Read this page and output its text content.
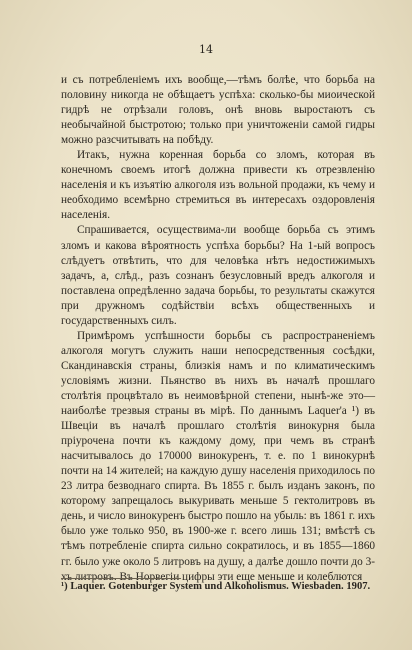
14

и съ потребленіемъ ихъ вообще,—тѣмъ болѣе, что борьба на половину никогда не обѣщаетъ успѣха: сколько-бы миоической гидрѣ не отрѣзали головъ, онѣ вновь выростаютъ съ необычайной быстротою; только при уничтоженіи самой гидры можно разсчитывать на побѣду.

Итакъ, нужна коренная борьба со зломъ, которая въ конечномъ своемъ итогѣ должна привести къ отрезвленію населенія и къ изъятію алкоголя изъ вольной продажи, къ чему и необходимо всемѣрно стремиться въ интересахъ оздоровленія населенія.

Спрашивается, осуществима-ли вообще борьба съ этимъ зломъ и какова вѣроятность успѣха борьбы? На 1-ый вопросъ слѣдуетъ отвѣтить, что для человѣка нѣтъ недостижимыхъ задачъ, а, слѣд., разъ сознанъ безусловный вредъ алкоголя и поставлена опредѣленно задача борьбы, то результаты скажутся при дружномъ содѣйствіи всѣхъ общественныхъ и государственныхъ силъ.

Примѣромъ успѣшности борьбы съ распространеніемъ алкоголя могутъ служить наши непосредственныя сосѣдки, Скандинавскія страны, близкія намъ и по климатическимъ условіямъ жизни. Пьянство въ нихъ въ началѣ прошлаго столѣтія процвѣтало въ неимовѣрной степени, нынѣ-же это—наиболѣе трезвыя страны въ мірѣ. По даннымъ Laquer'а ¹) въ Швеціи въ началѣ прошлаго столѣтія винокурня была пріурочена почти къ каждому дому, при чемъ въ странѣ насчитывалось до 170000 винокуренъ, т. е. по 1 винокурнѣ почти на 14 жителей; на каждую душу населенія приходилось по 23 литра безводнаго спирта. Въ 1855 г. былъ изданъ законъ, по которому запрещалось выкуривать меньше 5 гектолитровъ въ день, и число винокуренъ быстро пошло на убыль: въ 1861 г. ихъ было уже только 950, въ 1900-же г. всего лишь 131; вмѣстѣ съ тѣмъ потребленіе спирта сильно сократилось, и въ 1855—1860 гг. было уже около 5 литровъ на душу, а далѣе дошло почти до 3-хъ литровъ. Въ Норвегіи цифры эти еще меньше и колеблются

¹) Laquer. Gotenburger System und Alkoholismus. Wiesbaden. 1907.
